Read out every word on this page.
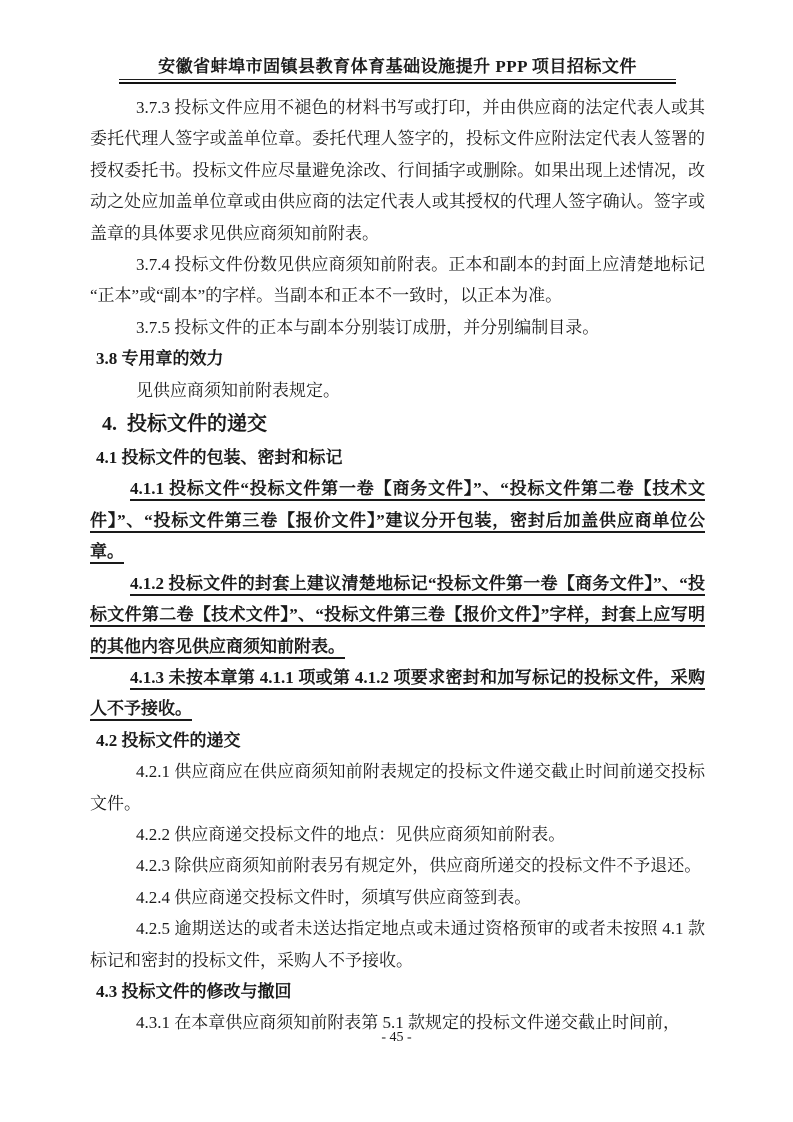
安徽省蚌埠市固镇县教育体育基础设施提升 PPP 项目招标文件

3.7.3 投标文件应用不褪色的材料书写或打印，并由供应商的法定代表人或其委托代理人签字或盖单位章。委托代理人签字的，投标文件应附法定代表人签署的授权委托书。投标文件应尽量避免涂改、行间插字或删除。如果出现上述情况，改动之处应加盖单位章或由供应商的法定代表人或其授权的代理人签字确认。签字或盖章的具体要求见供应商须知前附表。

3.7.4 投标文件份数见供应商须知前附表。正本和副本的封面上应清楚地标记“正本”或“副本”的字样。当副本和正本不一致时，以正本为准。

3.7.5 投标文件的正本与副本分别装订成册，并分别编制目录。

3.8 专用章的效力

见供应商须知前附表规定。

4.  投标文件的递交

4.1 投标文件的包装、密封和标记

4.1.1 投标文件“投标文件第一卷【商务文件】”、“投标文件第二卷【技术文件】”、“投标文件第三卷【报价文件】”建议分开包装，密封后加盖供应商单位公章。

4.1.2 投标文件的封套上建议清楚地标记“投标文件第一卷【商务文件】”、“投标文件第二卷【技术文件】”、“投标文件第三卷【报价文件】”字样，封套上应写明的其他内容见供应商须知前附表。

4.1.3 未按本章第 4.1.1 项或第 4.1.2 项要求密封和加写标记的投标文件，采购人不予接收。

4.2 投标文件的递交

4.2.1 供应商应在供应商须知前附表规定的投标文件递交截止时间前递交投标文件。

4.2.2 供应商递交投标文件的地点：见供应商须知前附表。

4.2.3 除供应商须知前附表另有规定外，供应商所递交的投标文件不予退还。

4.2.4 供应商递交投标文件时，须填写供应商签到表。

4.2.5 逾期送达的或者未送达指定地点或未通过资格预审的或者未按照 4.1 款标记和密封的投标文件，采购人不予接收。

4.3 投标文件的修改与撤回

4.3.1 在本章供应商须知前附表第 5.1 款规定的投标文件递交截止时间前，

- 45 -
